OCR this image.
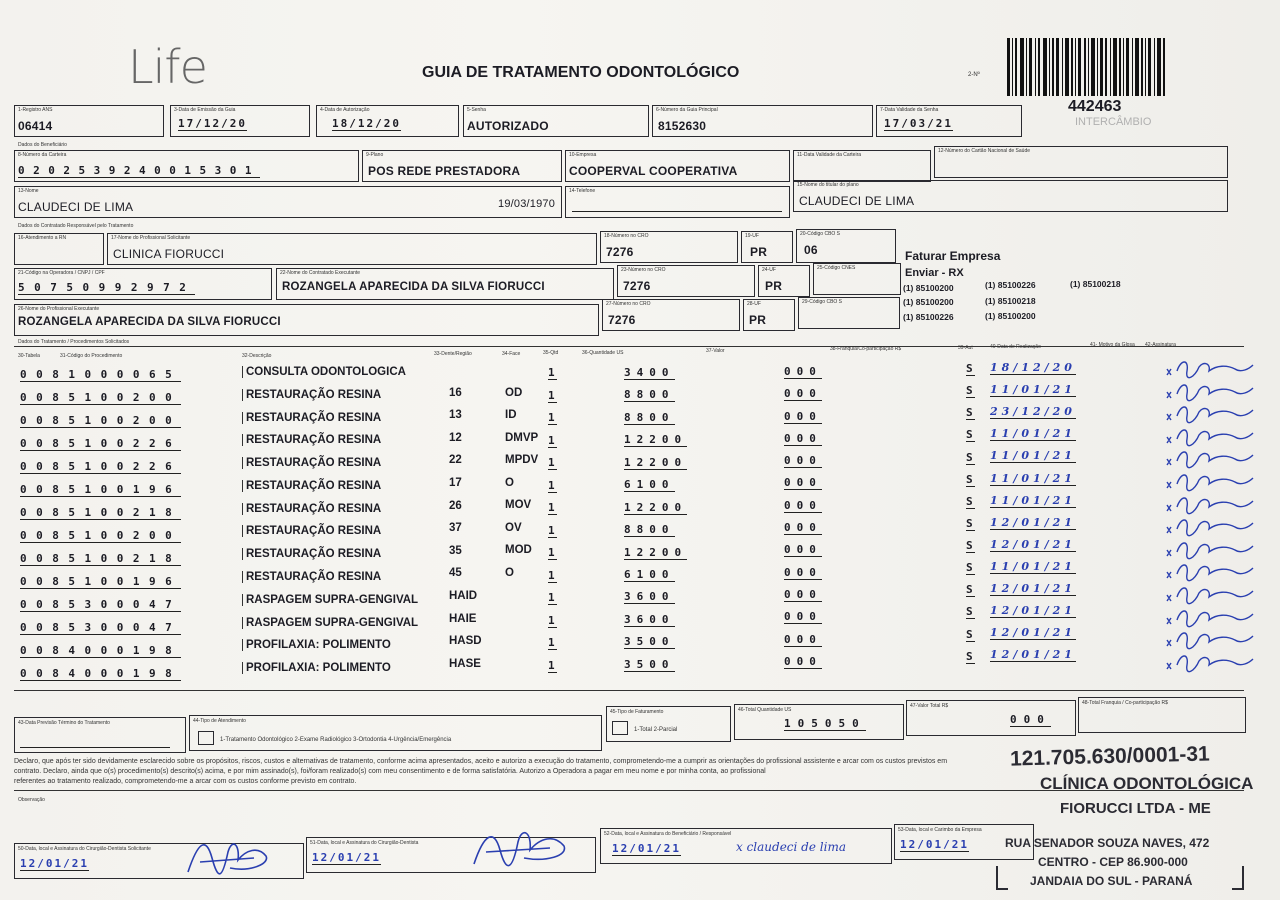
Life	GUIA DE TRATAMENTO ODONTOLÓGICO	2-Nº
442463
INTERCÂMBIO
1-Registro ANS
06414
3-Data de Emissão da Guia
17/12/20
4-Data de Autorização
18/12/20
5-Senha
AUTORIZADO
6-Número da Guia Principal
8152630
7-Data Validade da Senha
17/03/21
Dados do Beneficiário
8-Número da Carteira
0202539240015301
9-Plano
POS REDE PRESTADORA
10-Empresa
COOPERVAL COOPERATIVA
11-Data Validade da Carteira
12-Número do Cartão Nacional de Saúde
13-Nome
CLAUDECI DE LIMA	19/03/1970
14-Telefone
15-Nome do titular do plano
CLAUDECI DE LIMA
Dados do Contratado Responsável pelo Tratamento
16-Atendimento a RN	17-Nome do Profissional Solicitante
CLINICA FIORUCCI
18-Número no CRO
7276
19-UF
PR
20-Código CBO S
06
21-Código na Operadora / CNPJ / CPF
50750992972
22-Nome do Contratado Executante
ROZANGELA APARECIDA DA SILVA FIORUCCI
23-Número no CRO
7276
24-UF
PR
25-Código CNES
26-Nome do Profissional Executante
ROZANGELA APARECIDA DA SILVA FIORUCCI
27-Número no CRO
7276
28-UF
PR
29-Código CBO S
Faturar Empresa
Enviar - RX
(1) 85100200	(1) 85100226	(1) 85100218
(1) 85100200	(1) 85100218
(1) 85100226	(1) 85100200
Dados do Tratamento / Procedimentos Solicitados
30-Tabela	31-Código do Procedimento	32-Descrição	33-Dente/Região	34-Face	35-Qtd	36-Quantidade US	37-Valor	38-Franquia/Co-participação R$	39-Aut	40-Data de Realização	41- Motivo da Glosa 42-Assinatura
0081000065	CONSULTA ODONTOLOGICA	1	3400	000	S 18/12/20
0085100200	RESTAURAÇÃO RESINA	16	OD 1	8800	000	S 11/01/21
0085100200	RESTAURAÇÃO RESINA	13	ID	1	8800	000	S 23/12/20
0085100226	RESTAURAÇÃO RESINA	12	DMVP 1	12200	000	S 11/01/21
0085100226	RESTAURAÇÃO RESINA	22	MPDV 1	12200	000	S 11/01/21
0085100196	RESTAURAÇÃO RESINA	17	O	1	6100	000	S 11/01/21
0085100218	RESTAURAÇÃO RESINA	26	MOV 1	12200	000	S 11/01/21
0085100200	RESTAURAÇÃO RESINA	37	OV 1	8800	000	S 12/01/21
0085100218	RESTAURAÇÃO RESINA	35	MOD 1	12200	000	S 12/01/21
0085100196	RESTAURAÇÃO RESINA	45	O	1	6100	000	S 11/01/21
0085300047	RASPAGEM SUPRA-GENGIVAL	HAID	1	3600	000	S 12/01/21
0085300047	RASPAGEM SUPRA-GENGIVAL	HAIE	1	3600	000	S 12/01/21
0084000198	PROFILAXIA: POLIMENTO	HASD	1	3500	000	S 12/01/21
0084000198	PROFILAXIA: POLIMENTO	HASE	1	3500	000	S 12/01/21
43-Data Previsão Término do Tratamento	44-Tipo de Atendimento
1-Tratamento Odontológico 2-Exame Radiológico 3-Ortodontia 4-Urgência/Emergência
45-Tipo de Faturamento
1-Total 2-Parcial
46-Total Quantidade US
105050
47-Valor Total R$
000
48-Total Franquia / Co-participação R$
Declaro, que após ter sido devidamente esclarecido sobre os propósitos, riscos, custos e alternativas de tratamento, conforme acima apresentados, aceito e autorizo a execução do tratamento, comprometendo-me a cumprir as orientações do profissional assistente e arcar com os custos previstos em
contrato. Declaro, ainda que o(s) procedimento(s) descrito(s) acima, e por mim assinado(s), foi/foram realizado(s) com meu consentimento e de forma satisfatória. Autorizo a Operadora a pagar em meu nome e por minha conta, ao profissional
referentes ao tratamento realizado, comprometendo-me a arcar com os custos conforme previsto em contrato.
Observação
50-Data, local e Assinatura do Cirurgião-Dentista Solicitante
12/01/21
51-Data, local e Assinatura do Cirurgião-Dentista
12/01/21
52-Data, local e Assinatura do Beneficiário / Responsável
12/01/21	x claudeci de lima
53-Data, local e Carimbo da Empresa
12/01/21
121.705.630/0001-31
CLÍNICA ODONTOLÓGICA
FIORUCCI LTDA - ME
RUA SENADOR SOUZA NAVES, 472
CENTRO - CEP 86.900-000
JANDAIA DO SUL - PARANÁ
